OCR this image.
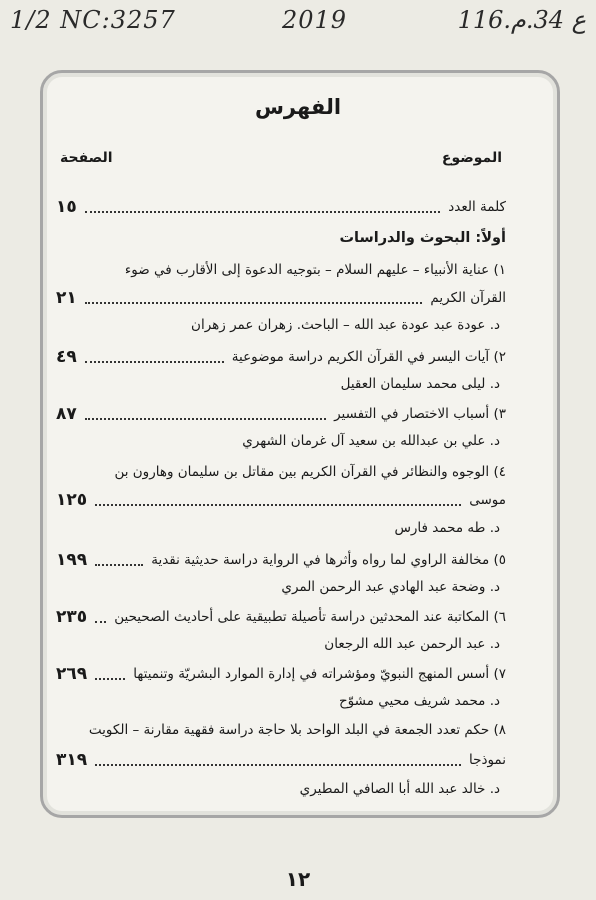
1/2 NC:3257	2019	116.ع 34.م
الفهرس
الموضوع
الصفحة
كلمة العدد
١٥
أولاً: البحوث والدراسات
١) عناية الأنبياء – عليهم السلام – بتوجيه الدعوة إلى الأقارب في ضوء
القرآن الكريم
٢١
د. عودة عبد عودة عبد الله – الباحث. زهران عمر زهران
٢) آيات اليسر في القرآن الكريم دراسة موضوعية
٤٩
د. ليلى محمد سليمان العقيل
٣) أسباب الاختصار في التفسير
٨٧
د. علي بن عبدالله بن سعيد آل غرمان الشهري
٤) الوجوه والنظائر في القرآن الكريم بين مقاتل بن سليمان وهارون بن
موسى
١٢٥
د. طه محمد فارس
٥) مخالفة الراوي لما رواه وأثرها في الرواية دراسة حديثية نقدية
١٩٩
د. وضحة عبد الهادي عبد الرحمن المري
٦) المكاتبة عند المحدثين دراسة تأصيلة تطبيقية على أحاديث الصحيحين
٢٣٥
د. عبد الرحمن عبد الله الرجعان
٧) أسس المنهج النبويّ ومؤشراته في إدارة الموارد البشريّة وتنميتها
٢٦٩
د. محمد شريف محيي مشوّح
٨) حكم تعدد الجمعة في البلد الواحد بلا حاجة دراسة فقهية مقارنة – الكويت
نموذجا
٣١٩
د. خالد عبد الله أبا الصافي المطيري
١٢
